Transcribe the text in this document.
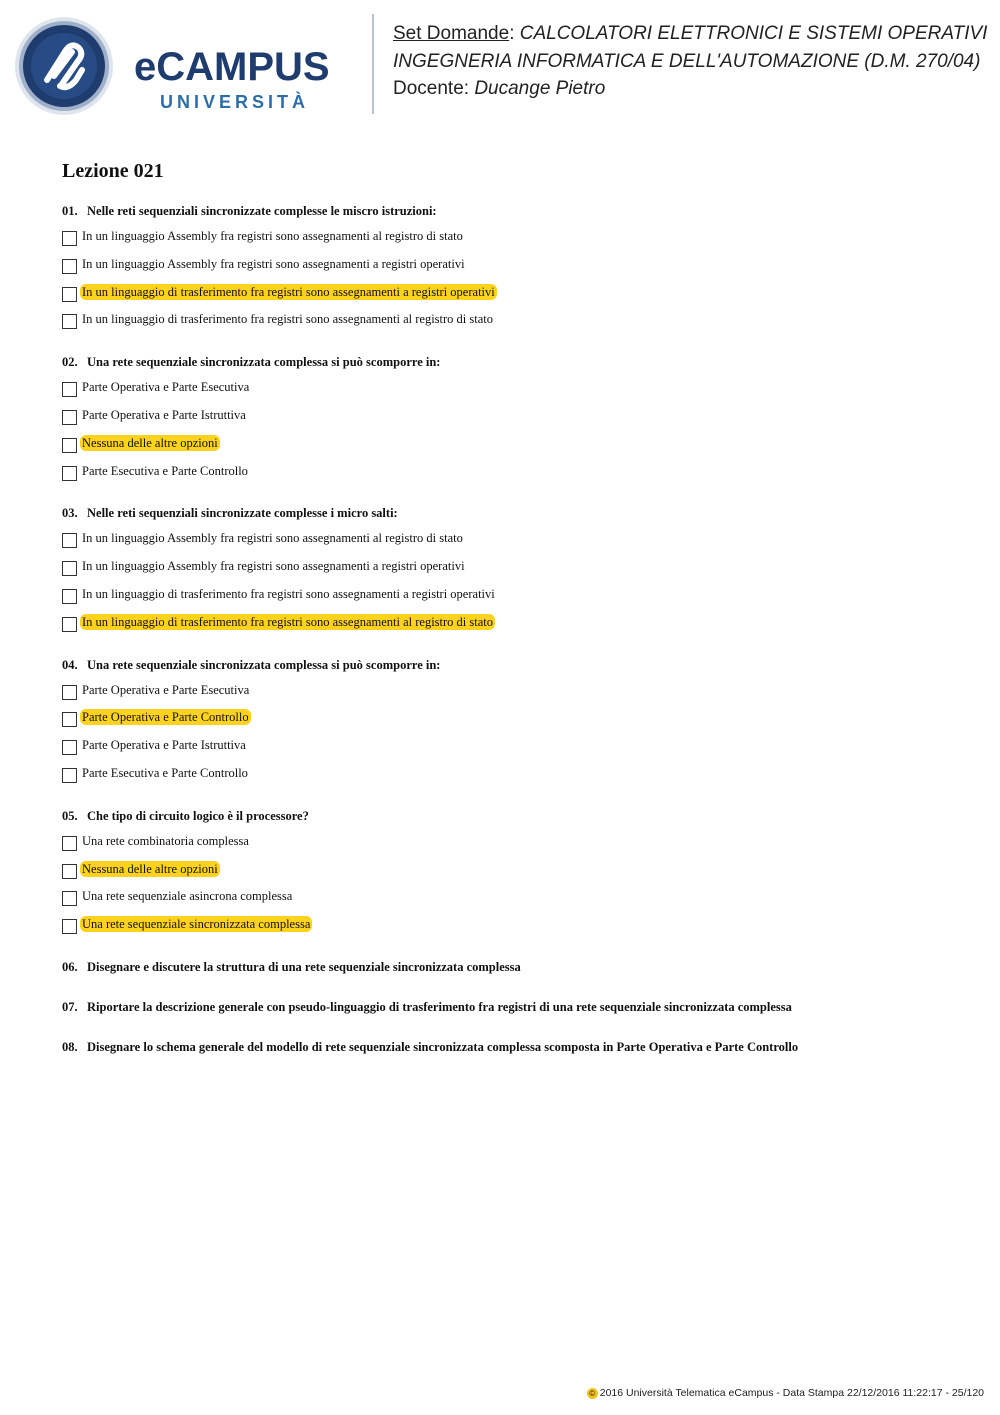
eCAMPUS
UNIVERSITÀ
Set Domande: CALCOLATORI ELETTRONICI E SISTEMI OPERATIVI
INGEGNERIA INFORMATICA E DELL'AUTOMAZIONE (D.M. 270/04)
Docente: Ducange Pietro
Lezione 021
01. Nelle reti sequenziali sincronizzate complesse le miscro istruzioni:
In un linguaggio Assembly fra registri sono assegnamenti al registro di stato
In un linguaggio Assembly fra registri sono assegnamenti a registri operativi
In un linguaggio di trasferimento fra registri sono assegnamenti a registri operativi
In un linguaggio di trasferimento fra registri sono assegnamenti al registro di stato
02. Una rete sequenziale sincronizzata complessa si può scomporre in:
Parte Operativa e Parte Esecutiva
Parte Operativa e Parte Istruttiva
Nessuna delle altre opzioni
Parte Esecutiva e Parte Controllo
03. Nelle reti sequenziali sincronizzate complesse i micro salti:
In un linguaggio Assembly fra registri sono assegnamenti al registro di stato
In un linguaggio Assembly fra registri sono assegnamenti a registri operativi
In un linguaggio di trasferimento fra registri sono assegnamenti a registri operativi
In un linguaggio di trasferimento fra registri sono assegnamenti al registro di stato
04. Una rete sequenziale sincronizzata complessa si può scomporre in:
Parte Operativa e Parte Esecutiva
Parte Operativa e Parte Controllo
Parte Operativa e Parte Istruttiva
Parte Esecutiva e Parte Controllo
05. Che tipo di circuito logico è il processore?
Una rete combinatoria complessa
Nessuna delle altre opzioni
Una rete sequenziale asincrona complessa
Una rete sequenziale sincronizzata complessa
06. Disegnare e discutere la struttura di una rete sequenziale sincronizzata complessa
07. Riportare la descrizione generale con pseudo-linguaggio di trasferimento fra registri di una rete sequenziale sincronizzata complessa
08. Disegnare lo schema generale del modello di rete sequenziale sincronizzata complessa scomposta in Parte Operativa e Parte Controllo
© 2016 Università Telematica eCampus - Data Stampa 22/12/2016 11:22:17 - 25/120
